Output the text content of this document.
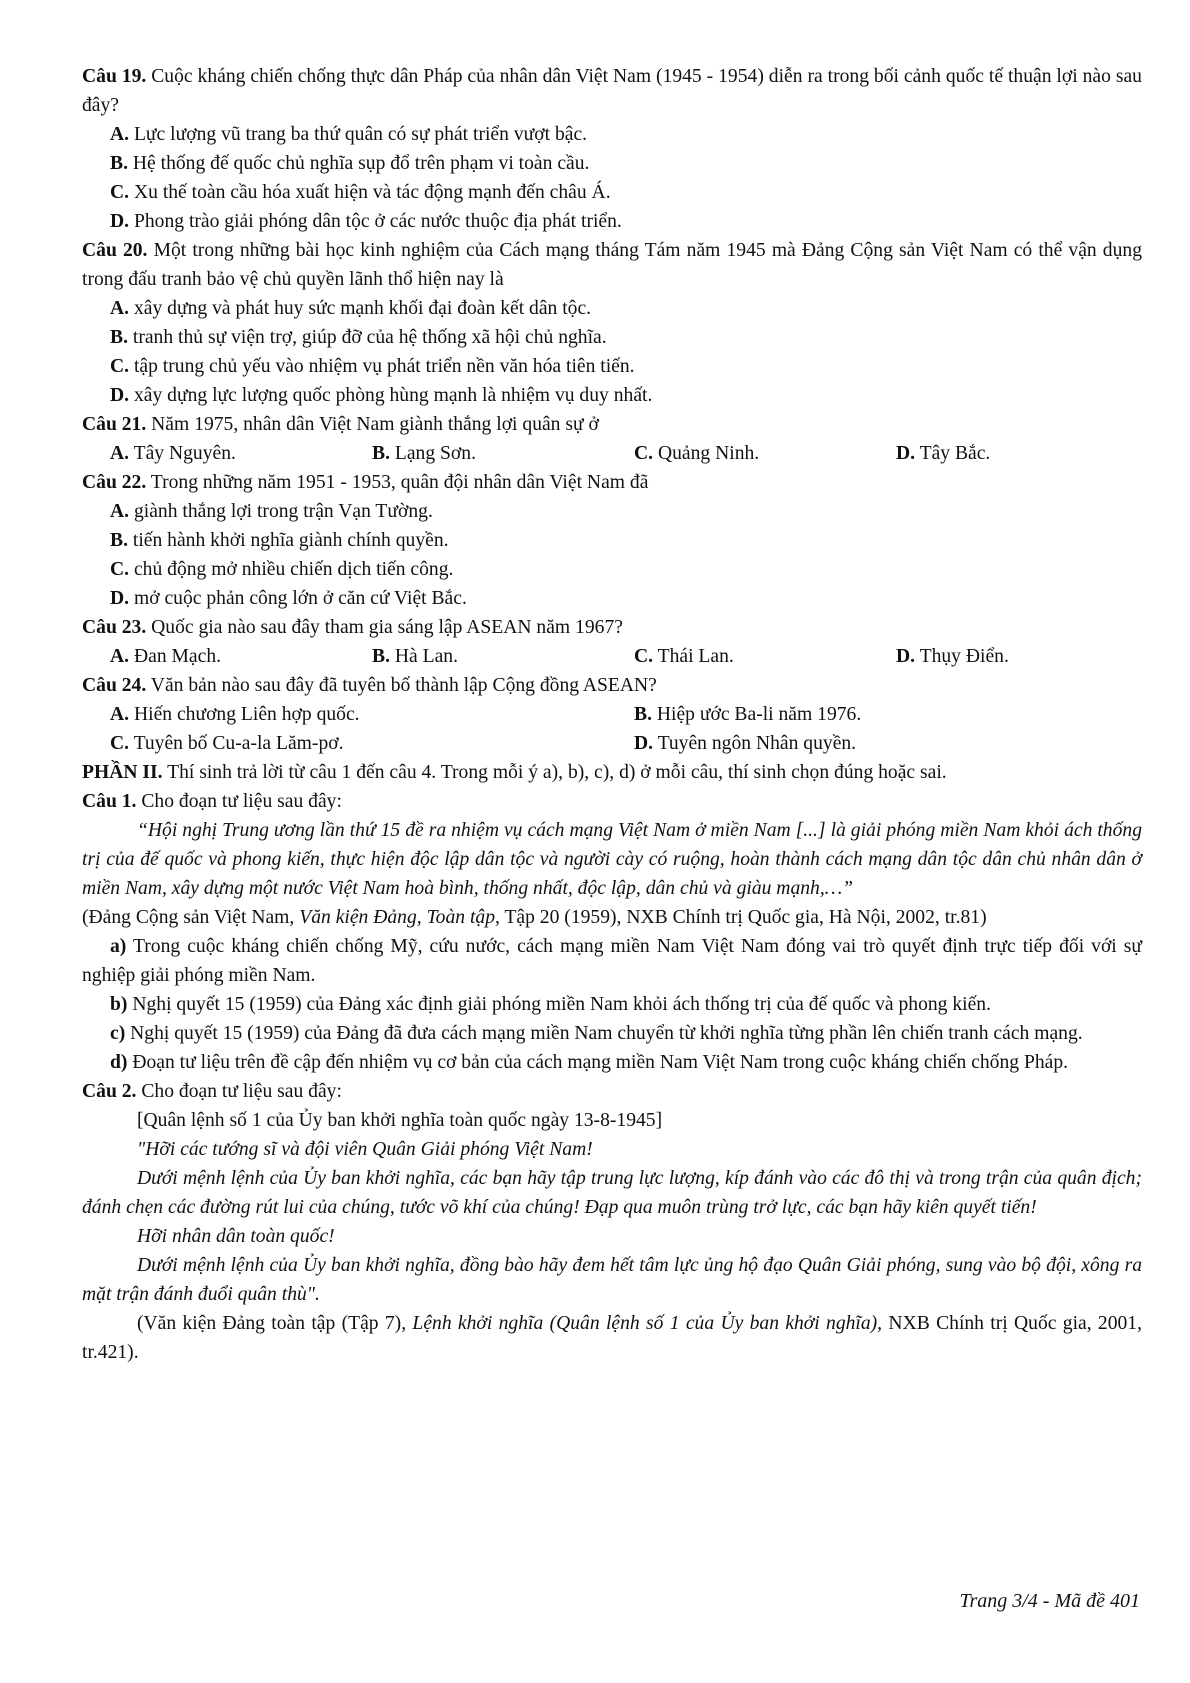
Câu 19. Cuộc kháng chiến chống thực dân Pháp của nhân dân Việt Nam (1945 - 1954) diễn ra trong bối cảnh quốc tế thuận lợi nào sau đây?

A. Lực lượng vũ trang ba thứ quân có sự phát triển vượt bậc.

B. Hệ thống đế quốc chủ nghĩa sụp đổ trên phạm vi toàn cầu.

C. Xu thế toàn cầu hóa xuất hiện và tác động mạnh đến châu Á.

D. Phong trào giải phóng dân tộc ở các nước thuộc địa phát triển.

Câu 20. Một trong những bài học kinh nghiệm của Cách mạng tháng Tám năm 1945 mà Đảng Cộng sản Việt Nam có thể vận dụng trong đấu tranh bảo vệ chủ quyền lãnh thổ hiện nay là

A. xây dựng và phát huy sức mạnh khối đại đoàn kết dân tộc.

B. tranh thủ sự viện trợ, giúp đỡ của hệ thống xã hội chủ nghĩa.

C. tập trung chủ yếu vào nhiệm vụ phát triển nền văn hóa tiên tiến.

D. xây dựng lực lượng quốc phòng hùng mạnh là nhiệm vụ duy nhất.

Câu 21. Năm 1975, nhân dân Việt Nam giành thắng lợi quân sự ở

A. Tây Nguyên.	B. Lạng Sơn.	C. Quảng Ninh.	D. Tây Bắc.

Câu 22. Trong những năm 1951 - 1953, quân đội nhân dân Việt Nam đã

A. giành thắng lợi trong trận Vạn Tường.

B. tiến hành khởi nghĩa giành chính quyền.

C. chủ động mở nhiều chiến dịch tiến công.

D. mở cuộc phản công lớn ở căn cứ Việt Bắc.

Câu 23. Quốc gia nào sau đây tham gia sáng lập ASEAN năm 1967?

A. Đan Mạch.	B. Hà Lan.	C. Thái Lan.	D. Thụy Điển.

Câu 24. Văn bản nào sau đây đã tuyên bố thành lập Cộng đồng ASEAN?

A. Hiến chương Liên hợp quốc.	B. Hiệp ước Ba-li năm 1976.
C. Tuyên bố Cu-a-la Lăm-pơ.	D. Tuyên ngôn Nhân quyền.

PHẦN II. Thí sinh trả lời từ câu 1 đến câu 4. Trong mỗi ý a), b), c), d) ở mỗi câu, thí sinh chọn đúng hoặc sai.

Câu 1. Cho đoạn tư liệu sau đây:

“Hội nghị Trung ương lần thứ 15 đề ra nhiệm vụ cách mạng Việt Nam ở miền Nam [...] là giải phóng miền Nam khỏi ách thống trị của đế quốc và phong kiến, thực hiện độc lập dân tộc và người cày có ruộng, hoàn thành cách mạng dân tộc dân chủ nhân dân ở miền Nam, xây dựng một nước Việt Nam hoà bình, thống nhất, độc lập, dân chủ và giàu mạnh,…”

(Đảng Cộng sản Việt Nam, Văn kiện Đảng, Toàn tập, Tập 20 (1959), NXB Chính trị Quốc gia, Hà Nội, 2002, tr.81)

a) Trong cuộc kháng chiến chống Mỹ, cứu nước, cách mạng miền Nam Việt Nam đóng vai trò quyết định trực tiếp đối với sự nghiệp giải phóng miền Nam.

b) Nghị quyết 15 (1959) của Đảng xác định giải phóng miền Nam khỏi ách thống trị của đế quốc và phong kiến.

c) Nghị quyết 15 (1959) của Đảng đã đưa cách mạng miền Nam chuyển từ khởi nghĩa từng phần lên chiến tranh cách mạng.

d) Đoạn tư liệu trên đề cập đến nhiệm vụ cơ bản của cách mạng miền Nam Việt Nam trong cuộc kháng chiến chống Pháp.

Câu 2. Cho đoạn tư liệu sau đây:

[Quân lệnh số 1 của Ủy ban khởi nghĩa toàn quốc ngày 13-8-1945]

"Hỡi các tướng sĩ và đội viên Quân Giải phóng Việt Nam!

Dưới mệnh lệnh của Ủy ban khởi nghĩa, các bạn hãy tập trung lực lượng, kíp đánh vào các đô thị và trong trận của quân địch; đánh chẹn các đường rút lui của chúng, tước võ khí của chúng! Đạp qua muôn trùng trở lực, các bạn hãy kiên quyết tiến!

Hỡi nhân dân toàn quốc!

Dưới mệnh lệnh của Ủy ban khởi nghĩa, đồng bào hãy đem hết tâm lực ủng hộ đạo Quân Giải phóng, sung vào bộ đội, xông ra mặt trận đánh đuổi quân thù".

(Văn kiện Đảng toàn tập (Tập 7), Lệnh khởi nghĩa (Quân lệnh số 1 của Ủy ban khởi nghĩa), NXB Chính trị Quốc gia, 2001, tr.421).

Trang 3/4 - Mã đề 401
